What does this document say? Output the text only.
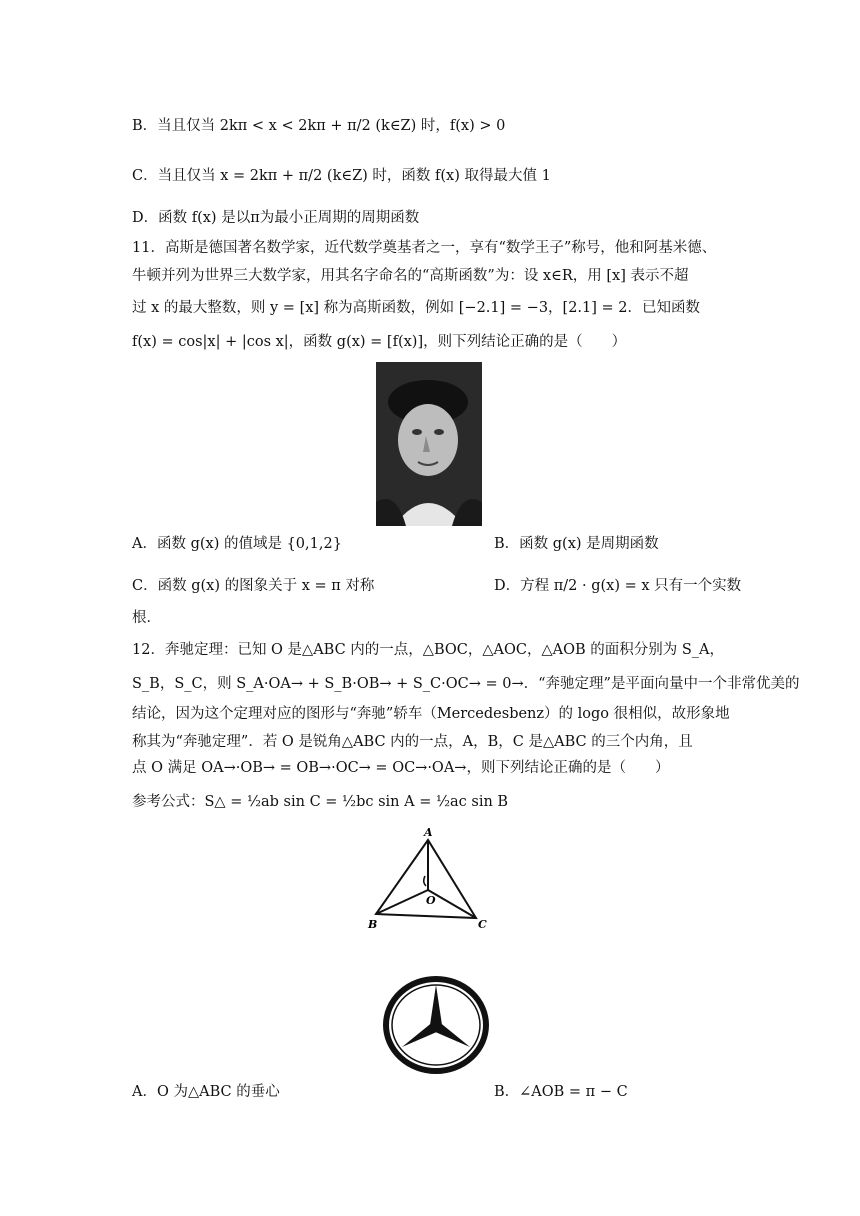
B．当且仅当 2kπ < x < 2kπ + π/2 (k∈Z) 时，f(x) > 0
C．当且仅当 x = 2kπ + π/2 (k∈Z) 时，函数 f(x) 取得最大值 1
D．函数 f(x) 是以π为最小正周期的周期函数
11．高斯是德国著名数学家，近代数学奠基者之一，享有“数学王子”称号，他和阿基米德、
牛顿并列为世界三大数学家，用其名字命名的“高斯函数”为：设 x∈R，用 [x] 表示不超
过 x 的最大整数，则 y = [x] 称为高斯函数，例如 [−2.1] = −3，[2.1] = 2．已知函数
f(x) = cos|x| + |cos x|，函数 g(x) = [f(x)]，则下列结论正确的是（　　）
A．函数 g(x) 的值域是 {0,1,2}	B．函数 g(x) 是周期函数
C．函数 g(x) 的图象关于 x = π 对称	D．方程 π/2 · g(x) = x 只有一个实数
根．
12．奔驰定理：已知 O 是△ABC 内的一点，△BOC，△AOC，△AOB 的面积分别为 S_A，
S_B，S_C，则 S_A·OA→ + S_B·OB→ + S_C·OC→ = 0→．“奔驰定理”是平面向量中一个非常优美的
结论，因为这个定理对应的图形与“奔驰”轿车（Mercedesbenz）的 logo 很相似，故形象地
称其为“奔驰定理”．若 O 是锐角△ABC 内的一点，A，B，C 是△ABC 的三个内角，且
点 O 满足 OA→·OB→ = OB→·OC→ = OC→·OA→，则下列结论正确的是（　　）
参考公式：S△ = ½ab sin C = ½bc sin A = ½ac sin B
A
B	C
O
A．O 为△ABC 的垂心	B．∠AOB = π − C
